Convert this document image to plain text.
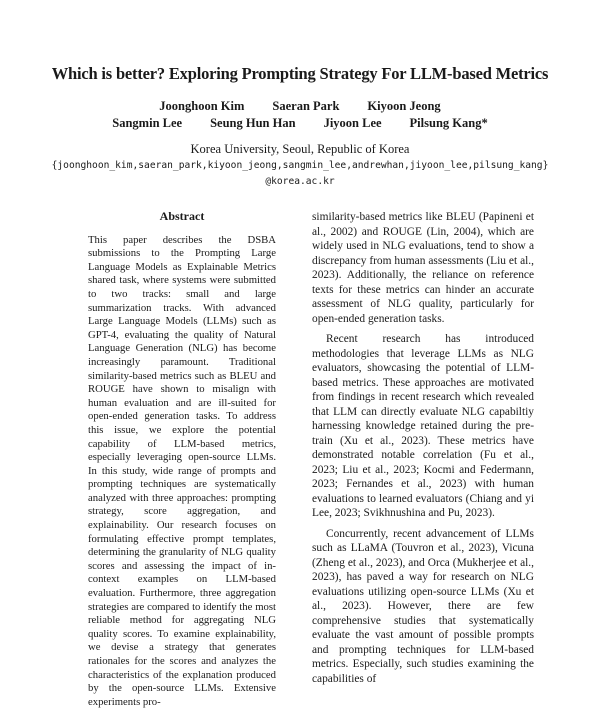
Which is better? Exploring Prompting Strategy For LLM-based Metrics
Joonghoon Kim Saeran Park Kiyoon Jeong
Sangmin Lee Seung Hun Han Jiyoon Lee Pilsung Kang*
Korea University, Seoul, Republic of Korea
{joonghoon_kim,saeran_park,kiyoon_jeong,sangmin_lee,andrewhan,jiyoon_lee,pilsung_kang}
@korea.ac.kr
Abstract

This paper describes the DSBA submissions to the Prompting Large Language Models as Explainable Metrics shared task, where systems were submitted to two tracks: small and large summarization tracks. With advanced Large Language Models (LLMs) such as GPT-4, evaluating the quality of Natural Language Generation (NLG) has become increasingly paramount. Traditional similarity-based metrics such as BLEU and ROUGE have shown to misalign with human evaluation and are ill-suited for open-ended generation tasks. To address this issue, we explore the potential capability of LLM-based metrics, especially leveraging open-source LLMs. In this study, wide range of prompts and prompting techniques are systematically analyzed with three approaches: prompting strategy, score aggregation, and explainability. Our research focuses on formulating effective prompt templates, determining the granularity of NLG quality scores and assessing the impact of in-context examples on LLM-based evaluation. Furthermore, three aggregation strategies are compared to identify the most reliable method for aggregating NLG quality scores. To examine explainability, we devise a strategy that generates rationales for the scores and analyzes the characteristics of the explanation produced by the open-source LLMs. Extensive experiments pro-

similarity-based metrics like BLEU (Papineni et al., 2002) and ROUGE (Lin, 2004), which are widely used in NLG evaluations, tend to show a discrepancy from human assessments (Liu et al., 2023). Additionally, the reliance on reference texts for these metrics can hinder an accurate assessment of NLG quality, particularly for open-ended generation tasks.

Recent research has introduced methodologies that leverage LLMs as NLG evaluators, showcasing the potential of LLM-based metrics. These approaches are motivated from findings in recent research which revealed that LLM can directly evaluate NLG capabiltiy harnessing knowledge retained during the pre-train (Xu et al., 2023). These metrics have demonstrated notable correlation (Fu et al., 2023; Liu et al., 2023; Kocmi and Federmann, 2023; Fernandes et al., 2023) with human evaluations to learned evaluators (Chiang and yi Lee, 2023; Svikhnushina and Pu, 2023).

Concurrently, recent advancement of LLMs such as LLaMA (Touvron et al., 2023), Vicuna (Zheng et al., 2023), and Orca (Mukherjee et al., 2023), has paved a way for research on NLG evaluations utilizing open-source LLMs (Xu et al., 2023). However, there are few comprehensive studies that systematically evaluate the vast amount of possible prompts and prompting techniques for LLM-based metrics. Especially, such studies examining the capabilities of
